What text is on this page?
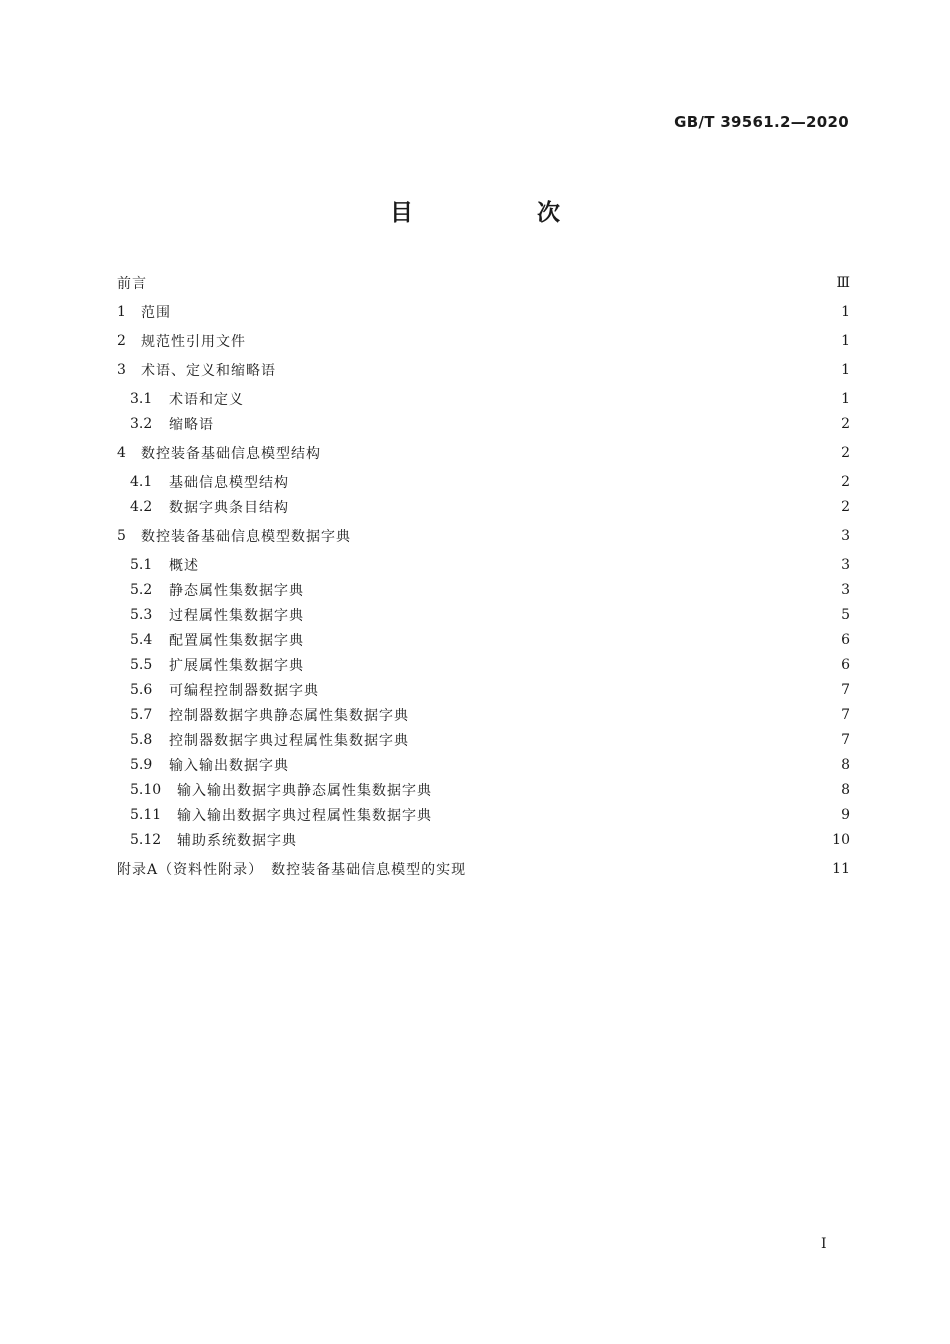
GB/T 39561.2—2020
目 次
前言	Ⅲ
1	范围	1
2	规范性引用文件	1
3	术语、定义和缩略语	1
3.1	术语和定义	1
3.2	缩略语	2
4	数控装备基础信息模型结构	2
4.1	基础信息模型结构	2
4.2	数据字典条目结构	2
5	数控装备基础信息模型数据字典	3
5.1	概述	3
5.2	静态属性集数据字典	3
5.3	过程属性集数据字典	5
5.4	配置属性集数据字典	6
5.5	扩展属性集数据字典	6
5.6	可编程控制器数据字典	7
5.7	控制器数据字典静态属性集数据字典	7
5.8	控制器数据字典过程属性集数据字典	7
5.9	输入输出数据字典	8
5.10	输入输出数据字典静态属性集数据字典	8
5.11	输入输出数据字典过程属性集数据字典	9
5.12	辅助系统数据字典	10
附录A（资料性附录）　数控装备基础信息模型的实现	11
I
